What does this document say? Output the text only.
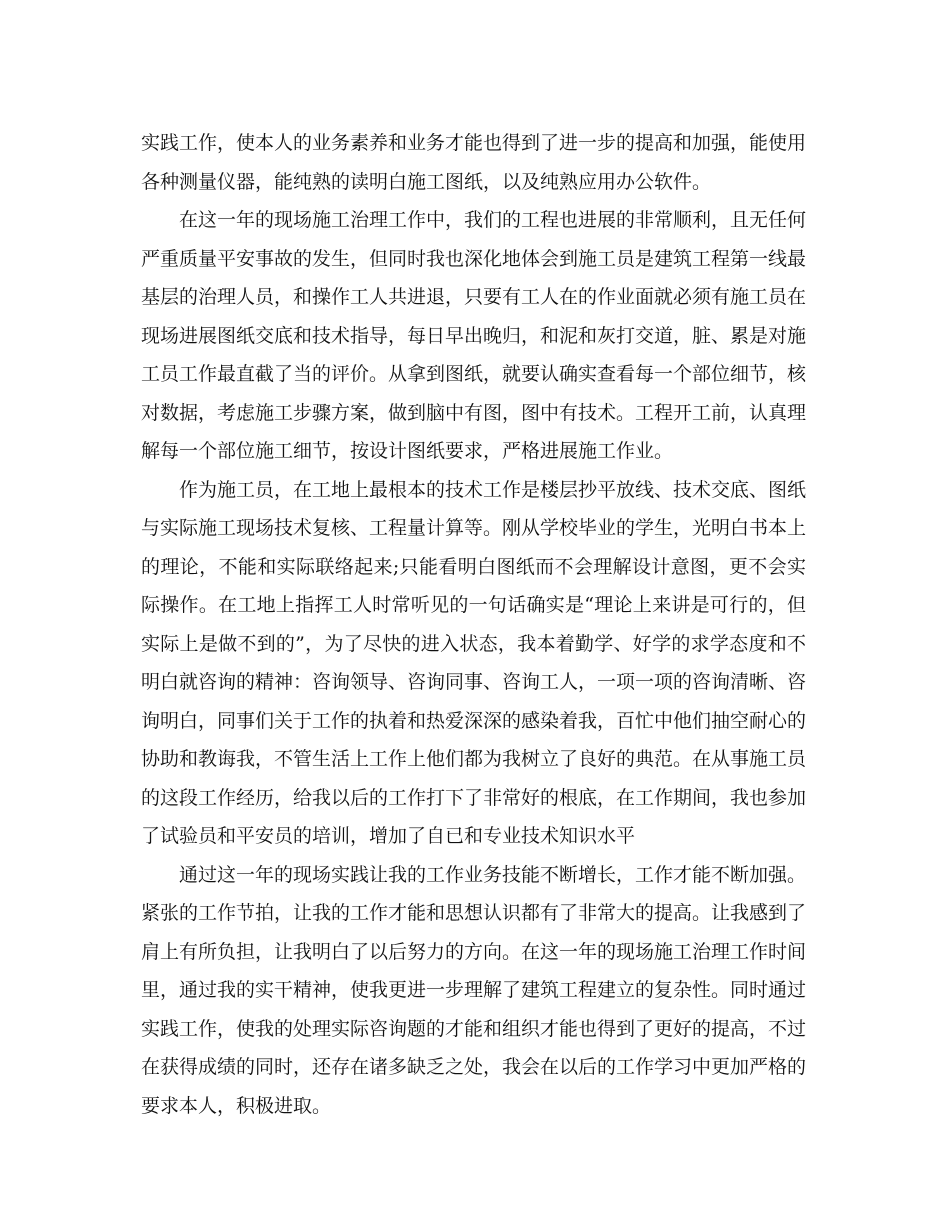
实践工作，使本人的业务素养和业务才能也得到了进一步的提高和加强，能使用各种测量仪器，能纯熟的读明白施工图纸，以及纯熟应用办公软件。

在这一年的现场施工治理工作中，我们的工程也进展的非常顺利，且无任何严重质量平安事故的发生，但同时我也深化地体会到施工员是建筑工程第一线最基层的治理人员，和操作工人共进退，只要有工人在的作业面就必须有施工员在现场进展图纸交底和技术指导，每日早出晚归，和泥和灰打交道，脏、累是对施工员工作最直截了当的评价。从拿到图纸，就要认确实查看每一个部位细节，核对数据，考虑施工步骤方案，做到脑中有图，图中有技术。工程开工前，认真理解每一个部位施工细节，按设计图纸要求，严格进展施工作业。

作为施工员，在工地上最根本的技术工作是楼层抄平放线、技术交底、图纸与实际施工现场技术复核、工程量计算等。刚从学校毕业的学生，光明白书本上的理论，不能和实际联络起来;只能看明白图纸而不会理解设计意图，更不会实际操作。在工地上指挥工人时常听见的一句话确实是“理论上来讲是可行的，但实际上是做不到的”，为了尽快的进入状态，我本着勤学、好学的求学态度和不明白就咨询的精神：咨询领导、咨询同事、咨询工人，一项一项的咨询清晰、咨询明白，同事们关于工作的执着和热爱深深的感染着我，百忙中他们抽空耐心的协助和教诲我，不管生活上工作上他们都为我树立了良好的典范。在从事施工员的这段工作经历，给我以后的工作打下了非常好的根底，在工作期间，我也参加了试验员和平安员的培训，增加了自已和专业技术知识水平

通过这一年的现场实践让我的工作业务技能不断增长，工作才能不断加强。紧张的工作节拍，让我的工作才能和思想认识都有了非常大的提高。让我感到了肩上有所负担，让我明白了以后努力的方向。在这一年的现场施工治理工作时间里，通过我的实干精神，使我更进一步理解了建筑工程建立的复杂性。同时通过实践工作，使我的处理实际咨询题的才能和组织才能也得到了更好的提高，不过在获得成绩的同时，还存在诸多缺乏之处，我会在以后的工作学习中更加严格的要求本人，积极进取。
